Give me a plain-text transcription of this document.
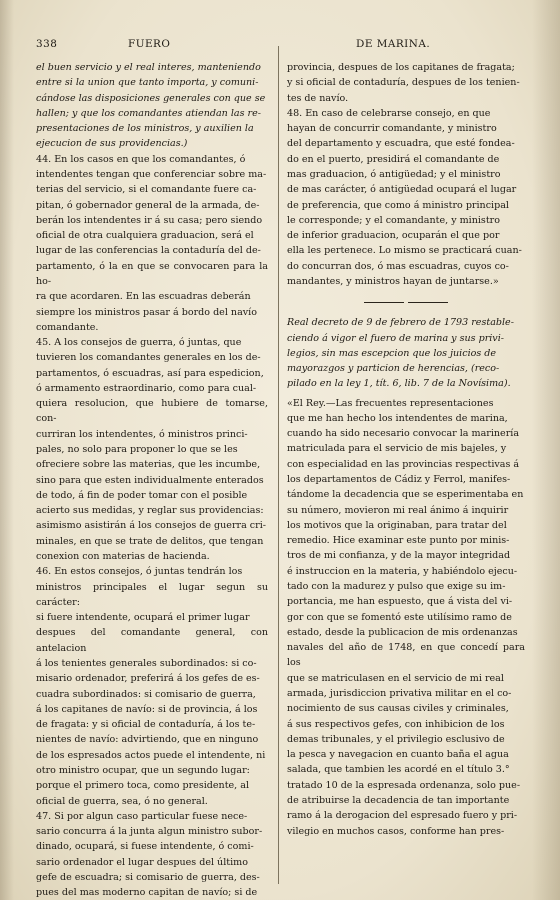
338	FUERO	DE MARINA.

el buen servicio y el real interes, manteniendo
entre si la union que tanto importa, y comuni-
cándose las disposiciones generales con que se
hallen; y que los comandantes atiendan las re-
presentaciones de los ministros, y auxilien la
ejecucion de sus providencias.)

44. En los casos en que los comandantes, ó
intendentes tengan que conferenciar sobre ma-
terias del servicio, si el comandante fuere ca-
pitan, ó gobernador general de la armada, de-
berán los intendentes ir á su casa; pero siendo
oficial de otra cualquiera graduacion, será el
lugar de las conferencias la contaduría del de-
partamento, ó la en que se convocaren para la ho-
ra que acordaren. En las escuadras deberán
siempre los ministros pasar á bordo del navío
comandante.

45. A los consejos de guerra, ó juntas, que
tuvieren los comandantes generales en los de-
partamentos, ó escuadras, así para espedicion,
ó armamento estraordinario, como para cual-
quiera resolucion, que hubiere de tomarse, con-
curriran los intendentes, ó ministros princi-
pales, no solo para proponer lo que se les
ofreciere sobre las materias, que les incumbe,
sino para que esten individualmente enterados
de todo, á fin de poder tomar con el posible
acierto sus medidas, y reglar sus providencias:
asimismo asistirán á los consejos de guerra cri-
minales, en que se trate de delitos, que tengan
conexion con materias de hacienda.

46. En estos consejos, ó juntas tendrán los
ministros principales el lugar segun su carácter:
si fuere intendente, ocupará el primer lugar
despues del comandante general, con antelacion
á los tenientes generales subordinados: si co-
misario ordenador, preferirá á los gefes de es-
cuadra subordinados: si comisario de guerra,
á los capitanes de navío: si de provincia, á los
de fragata: y si oficial de contaduría, á los te-
nientes de navío: advirtiendo, que en ninguno
de los espresados actos puede el intendente, ni
otro ministro ocupar, que un segundo lugar:
porque el primero toca, como presidente, al
oficial de guerra, sea, ó no general.

47. Si por algun caso particular fuese nece-
sario concurra á la junta algun ministro subor-
dinado, ocupará, si fuese intendente, ó comi-
sario ordenador el lugar despues del último
gefe de escuadra; si comisario de guerra, des-
pues del mas moderno capitan de navío; si de

provincia, despues de los capitanes de fragata;
y si oficial de contaduría, despues de los tenien-
tes de navío.

48. En caso de celebrarse consejo, en que
hayan de concurrir comandante, y ministro
del departamento y escuadra, que esté fondea-
do en el puerto, presidirá el comandante de
mas graduacion, ó antigüedad; y el ministro
de mas carácter, ó antigüedad ocupará el lugar
de preferencia, que como á ministro principal
le corresponde; y el comandante, y ministro
de inferior graduacion, ocuparán el que por
ella les pertenece. Lo mismo se practicará cuan-
do concurran dos, ó mas escuadras, cuyos co-
mandantes, y ministros hayan de juntarse.»

Real decreto de 9 de febrero de 1793 restable-
ciendo á vigor el fuero de marina y sus privi-
legios, sin mas escepcion que los juicios de
mayorazgos y particion de herencias, (reco-
pilado en la ley 1, tít. 6, lib. 7 de la Novísima).

«El Rey.—Las frecuentes representaciones
que me han hecho los intendentes de marina,
cuando ha sido necesario convocar la marinería
matriculada para el servicio de mis bajeles, y
con especialidad en las provincias respectivas á
los departamentos de Cádiz y Ferrol, manifes-
tándome la decadencia que se esperimentaba en
su número, movieron mi real ánimo á inquirir
los motivos que la originaban, para tratar del
remedio. Hice examinar este punto por minis-
tros de mi confianza, y de la mayor integridad
é instruccion en la materia, y habiéndolo ejecu-
tado con la madurez y pulso que exige su im-
portancia, me han espuesto, que á vista del vi-
gor con que se fomentó este utilísimo ramo de
estado, desde la publicacion de mis ordenanzas
navales del año de 1748, en que concedí para los
que se matriculasen en el servicio de mi real
armada, jurisdiccion privativa militar en el co-
nocimiento de sus causas civiles y criminales,
á sus respectivos gefes, con inhibicion de los
demas tribunales, y el privilegio esclusivo de
la pesca y navegacion en cuanto baña el agua
salada, que tambien les acordé en el título 3.°
tratado 10 de la espresada ordenanza, solo pue-
de atribuirse la decadencia de tan importante
ramo á la derogacion del espresado fuero y pri-
vilegio en muchos casos, conforme han pres-
